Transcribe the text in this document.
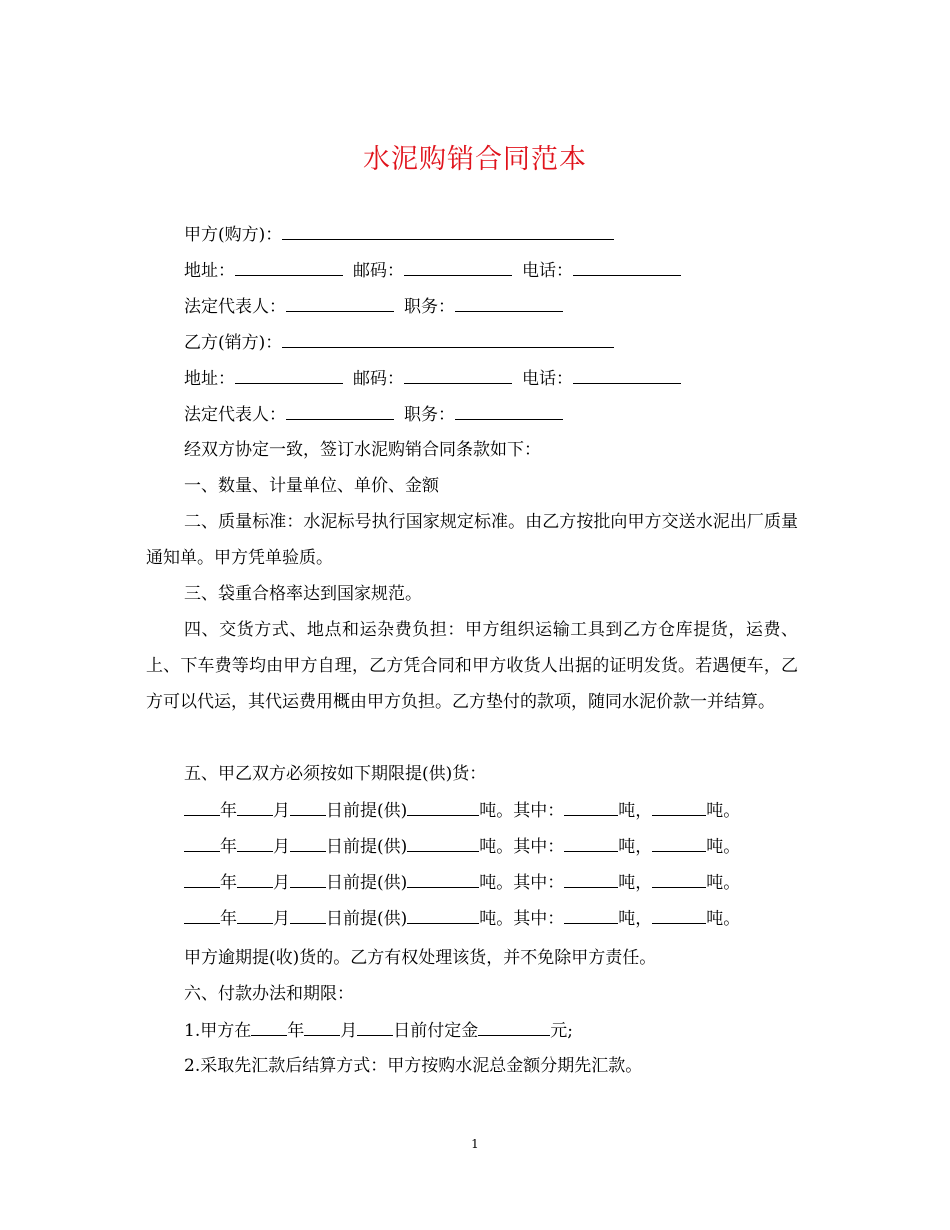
水泥购销合同范本
甲方(购方)：
地址：	邮码：	电话：
法定代表人：	职务：
乙方(销方)：
地址：	邮码：	电话：
法定代表人：	职务：
经双方协定一致，签订水泥购销合同条款如下：
一、数量、计量单位、单价、金额
二、质量标准：水泥标号执行国家规定标准。由乙方按批向甲方交送水泥出厂质量通知单。甲方凭单验质。
三、袋重合格率达到国家规范。
四、交货方式、地点和运杂费负担：甲方组织运输工具到乙方仓库提货，运费、上、下车费等均由甲方自理，乙方凭合同和甲方收货人出据的证明发货。若遇便车，乙方可以代运，其代运费用概由甲方负担。乙方垫付的款项，随同水泥价款一并结算。
五、甲乙双方必须按如下期限提(供)货：
年 月 日前提(供)	吨。其中：	吨，	吨。
年 月 日前提(供)	吨。其中：	吨，	吨。
年 月 日前提(供)	吨。其中：	吨，	吨。
年 月 日前提(供)	吨。其中：	吨，	吨。
甲方逾期提(收)货的。乙方有权处理该货，并不免除甲方责任。
六、付款办法和期限：
1.甲方在 年 月 日前付定金	元;
2.采取先汇款后结算方式：甲方按购水泥总金额分期先汇款。
1
